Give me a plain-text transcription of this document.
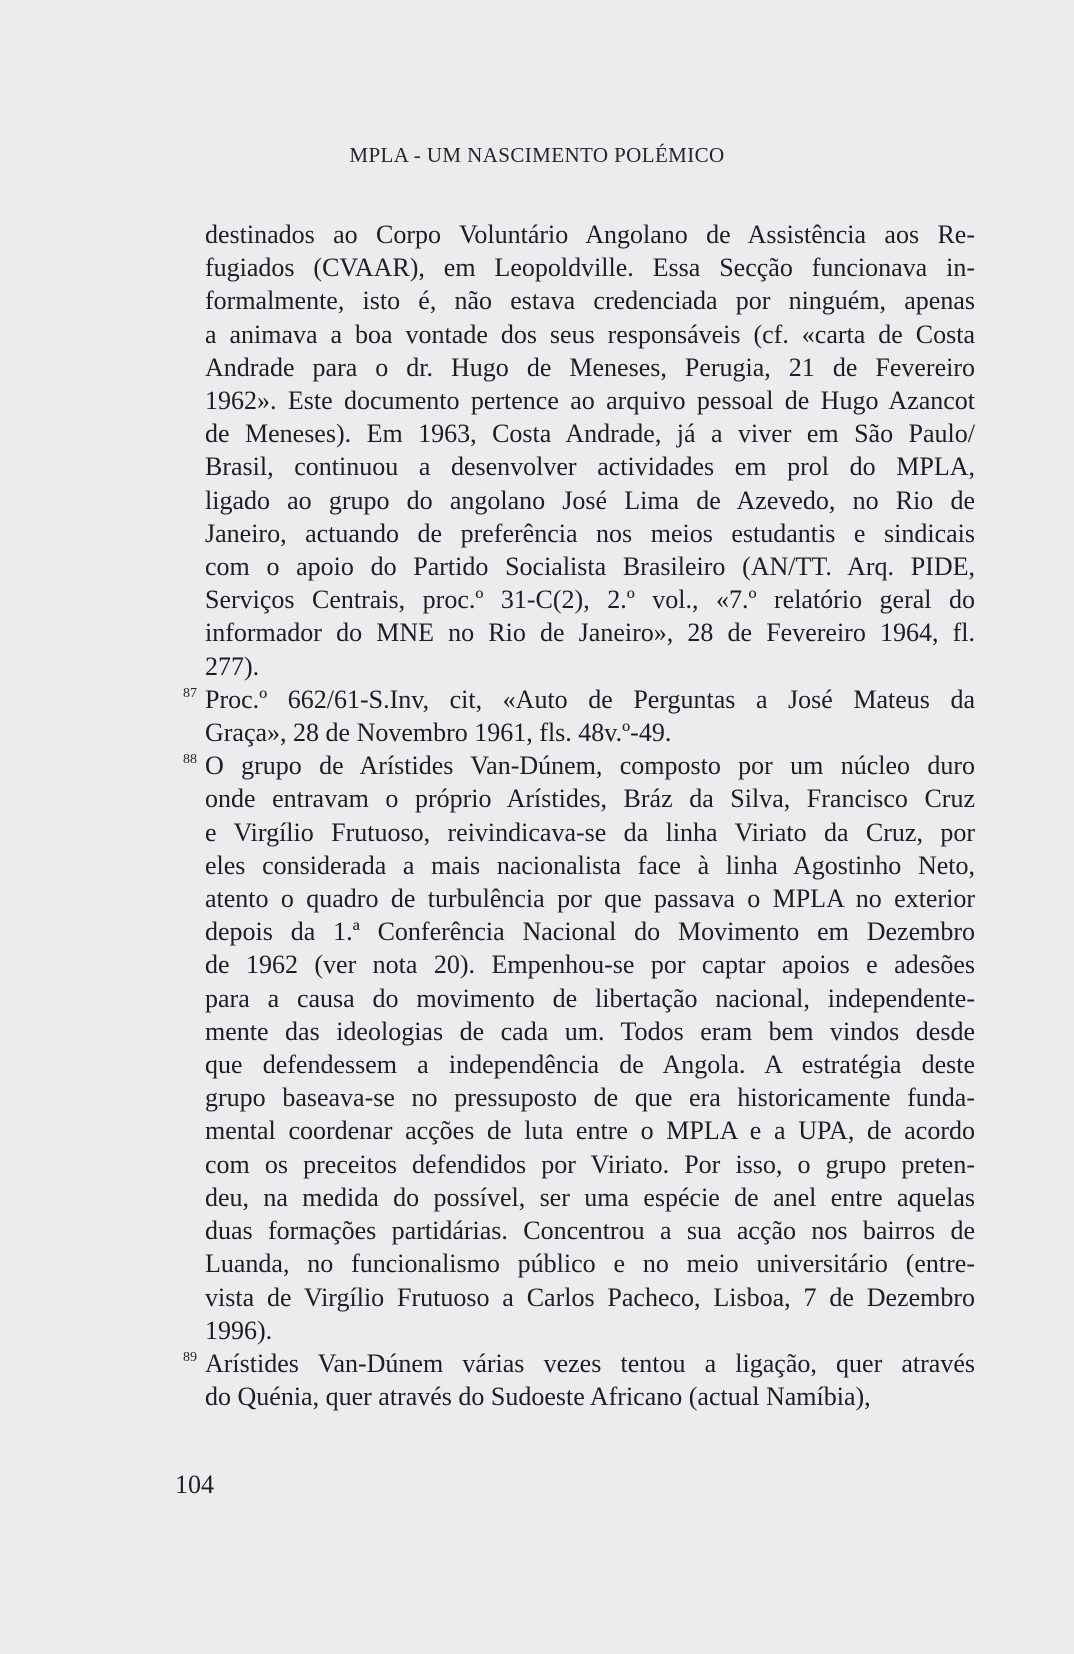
MPLA - UM NASCIMENTO POLÉMICO
destinados ao Corpo Voluntário Angolano de Assistência aos Re-
fugiados (CVAAR), em Leopoldville. Essa Secção funcionava in-
formalmente, isto é, não estava credenciada por ninguém, apenas
a animava a boa vontade dos seus responsáveis (cf. «carta de Costa
Andrade para o dr. Hugo de Meneses, Perugia, 21 de Fevereiro
1962». Este documento pertence ao arquivo pessoal de Hugo Azancot
de Meneses). Em 1963, Costa Andrade, já a viver em São Paulo/
Brasil, continuou a desenvolver actividades em prol do MPLA,
ligado ao grupo do angolano José Lima de Azevedo, no Rio de
Janeiro, actuando de preferência nos meios estudantis e sindicais
com o apoio do Partido Socialista Brasileiro (AN/TT. Arq. PIDE,
Serviços Centrais, proc.º 31-C(2), 2.º vol., «7.º relatório geral do
informador do MNE no Rio de Janeiro», 28 de Fevereiro 1964, fl.
277).
87 Proc.º 662/61-S.Inv, cit, «Auto de Perguntas a José Mateus da
Graça», 28 de Novembro 1961, fls. 48v.º-49.
88 O grupo de Arístides Van-Dúnem, composto por um núcleo duro
onde entravam o próprio Arístides, Bráz da Silva, Francisco Cruz
e Virgílio Frutuoso, reivindicava-se da linha Viriato da Cruz, por
eles considerada a mais nacionalista face à linha Agostinho Neto,
atento o quadro de turbulência por que passava o MPLA no exterior
depois da 1.ª Conferência Nacional do Movimento em Dezembro
de 1962 (ver nota 20). Empenhou-se por captar apoios e adesões
para a causa do movimento de libertação nacional, independente-
mente das ideologias de cada um. Todos eram bem vindos desde
que defendessem a independência de Angola. A estratégia deste
grupo baseava-se no pressuposto de que era historicamente funda-
mental coordenar acções de luta entre o MPLA e a UPA, de acordo
com os preceitos defendidos por Viriato. Por isso, o grupo preten-
deu, na medida do possível, ser uma espécie de anel entre aquelas
duas formações partidárias. Concentrou a sua acção nos bairros de
Luanda, no funcionalismo público e no meio universitário (entre-
vista de Virgílio Frutuoso a Carlos Pacheco, Lisboa, 7 de Dezembro
1996).
89 Arístides Van-Dúnem várias vezes tentou a ligação, quer através
do Quénia, quer através do Sudoeste Africano (actual Namíbia),
104
